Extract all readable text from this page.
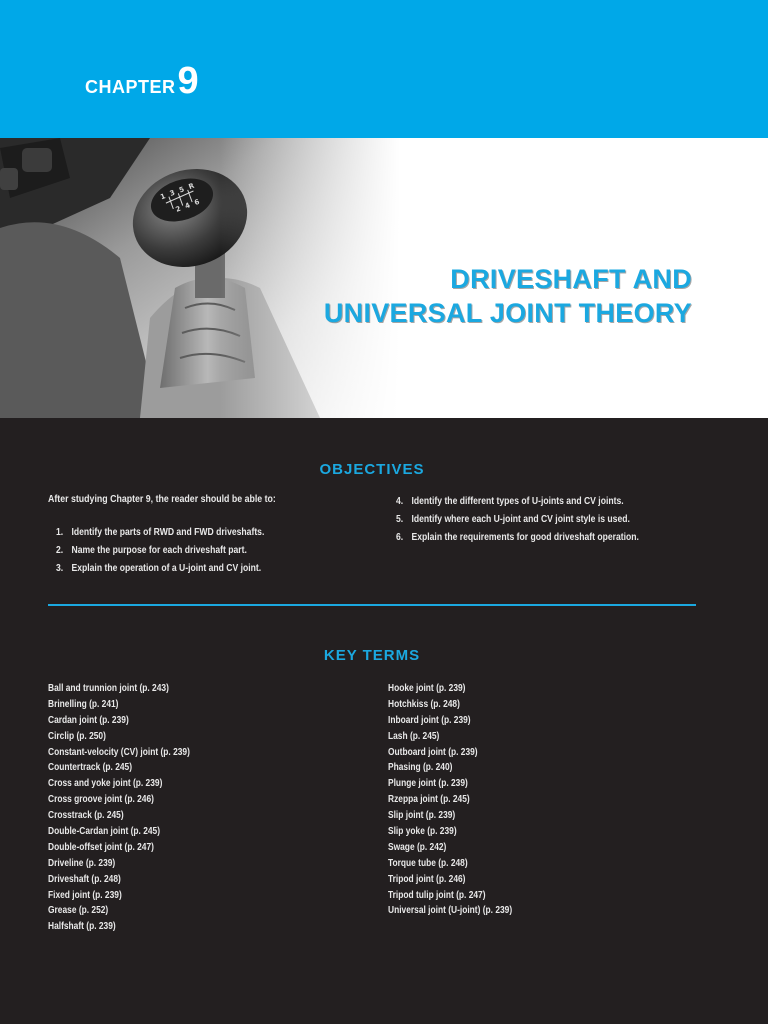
CHAPTER 9
DRIVESHAFT AND
UNIVERSAL JOINT THEORY
OBJECTIVES
After studying Chapter 9, the reader should be able to:
1. Identify the parts of RWD and FWD driveshafts.
2. Name the purpose for each driveshaft part.
3. Explain the operation of a U-joint and CV joint.
4. Identify the different types of U-joints and CV joints.
5. Identify where each U-joint and CV joint style is used.
6. Explain the requirements for good driveshaft operation.
KEY TERMS
Ball and trunnion joint (p. 243)
Brinelling (p. 241)
Cardan joint (p. 239)
Circlip (p. 250)
Constant-velocity (CV) joint (p. 239)
Countertrack (p. 245)
Cross and yoke joint (p. 239)
Cross groove joint (p. 246)
Crosstrack (p. 245)
Double-Cardan joint (p. 245)
Double-offset joint (p. 247)
Driveline (p. 239)
Driveshaft (p. 248)
Fixed joint (p. 239)
Grease (p. 252)
Halfshaft (p. 239)
Hooke joint (p. 239)
Hotchkiss (p. 248)
Inboard joint (p. 239)
Lash (p. 245)
Outboard joint (p. 239)
Phasing (p. 240)
Plunge joint (p. 239)
Rzeppa joint (p. 245)
Slip joint (p. 239)
Slip yoke (p. 239)
Swage (p. 242)
Torque tube (p. 248)
Tripod joint (p. 246)
Tripod tulip joint (p. 247)
Universal joint (U-joint) (p. 239)
